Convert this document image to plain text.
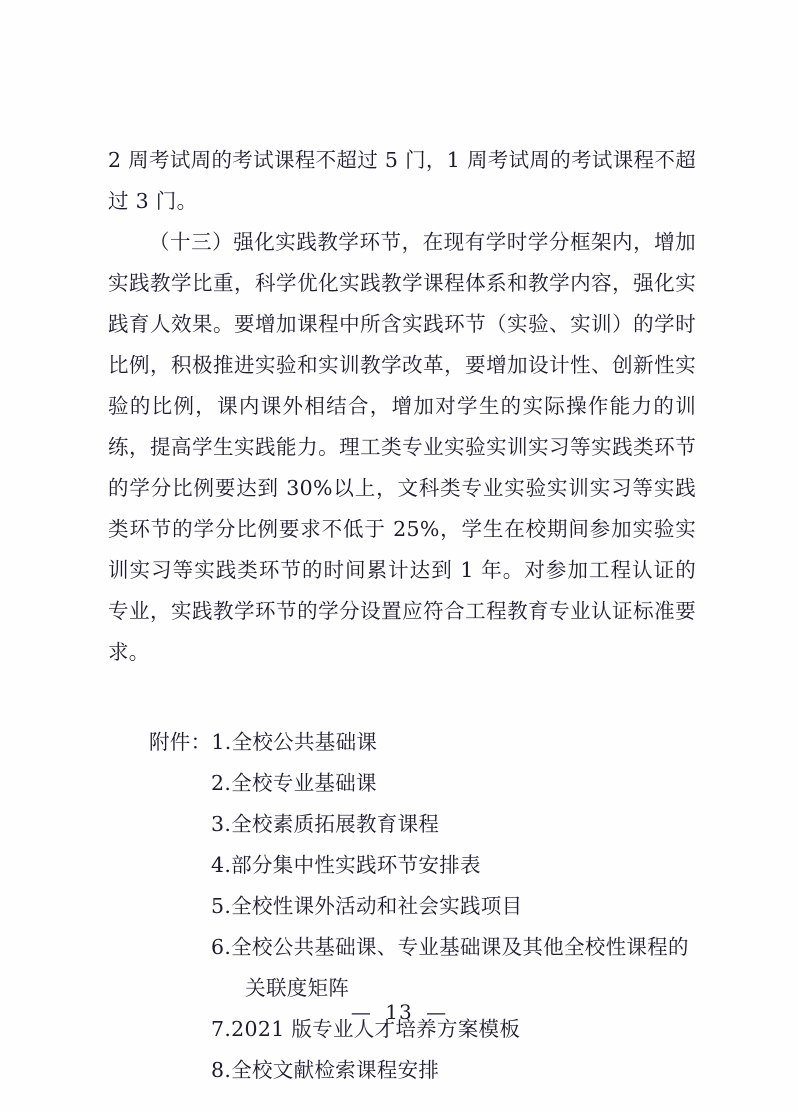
2 周考试周的考试课程不超过 5 门，1 周考试周的考试课程不超过 3 门。

（十三）强化实践教学环节，在现有学时学分框架内，增加实践教学比重，科学优化实践教学课程体系和教学内容，强化实践育人效果。要增加课程中所含实践环节（实验、实训）的学时比例，积极推进实验和实训教学改革，要增加设计性、创新性实验的比例，课内课外相结合，增加对学生的实际操作能力的训练，提高学生实践能力。理工类专业实验实训实习等实践类环节的学分比例要达到 30%以上，文科类专业实验实训实习等实践类环节的学分比例要求不低于 25%，学生在校期间参加实验实训实习等实践类环节的时间累计达到 1 年。对参加工程认证的专业，实践教学环节的学分设置应符合工程教育专业认证标准要求。

附件： 1. 全校公共基础课
2. 全校专业基础课
3. 全校素质拓展教育课程
4. 部分集中性实践环节安排表
5. 全校性课外活动和社会实践项目
6. 全校公共基础课、专业基础课及其他全校性课程的
关联度矩阵
7. 2021 版专业人才培养方案模板
8. 全校文献检索课程安排
— 13 —
